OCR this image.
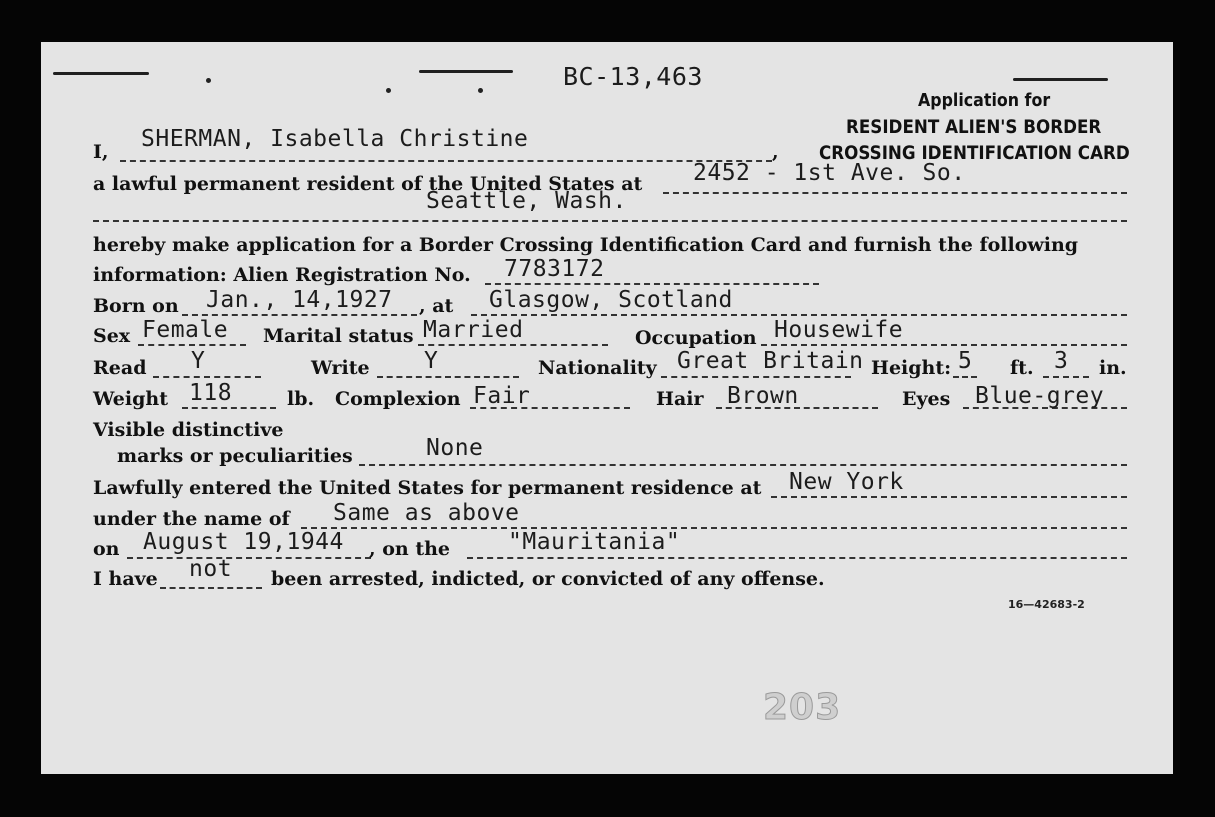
BC-13,463
Application for
RESIDENT ALIEN'S BORDER
CROSSING IDENTIFICATION CARD
I,	,
SHERMAN, Isabella Christine
a lawful permanent resident of the United States at 2452 - 1st Ave. So.
Seattle, Wash.
hereby make application for a Border Crossing Identification Card and furnish the following
information: Alien Registration No. 7783172
Born on Jan., 14,1927 , at Glasgow, Scotland
Sex Female Marital status Married	Occupation Housewife
Read Y	Write Y	Nationality Great Britain Height: 5 ft. 3 in.
Weight 118	lb. Complexion Fair	Hair Brown	Eyes Blue-grey
Visible distinctive
marks or peculiarities	None
Lawfully entered the United States for permanent residence at New York
under the name of Same as above
on August 19,1944 , on the	"Mauritania"
I have not been arrested, indicted, or convicted of any offense.
16—42683-2
203
